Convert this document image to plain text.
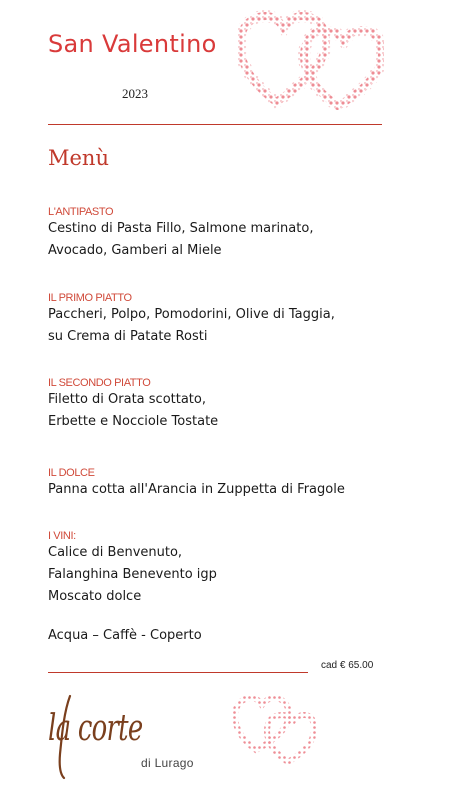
San Valentino
2023
Menù
L'ANTIPASTO
Cestino di Pasta Fillo, Salmone marinato,
Avocado, Gamberi al Miele
IL PRIMO PIATTO
Paccheri, Polpo, Pomodorini, Olive di Taggia,
su Crema di Patate Rosti
IL SECONDO PIATTO
Filetto di Orata scottato,
Erbette e Nocciole Tostate
IL DOLCE
Panna cotta all'Arancia in Zuppetta di Fragole
I VINI:
Calice di Benvenuto,
Falanghina Benevento igp
Moscato dolce
Acqua – Caffè - Coperto
cad € 65.00
la corte
di Lurago
